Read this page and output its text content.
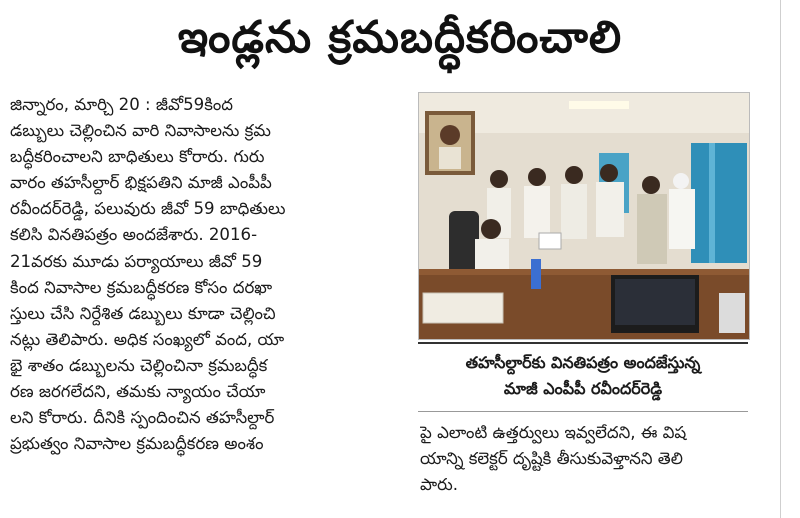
ఇండ్లను క్రమబద్ధీకరించాలి
జిన్నారం, మార్చి 20 : జీవో59కింద
డబ్బులు చెల్లించిన వారి నివాసాలను క్రమ
బద్ధీకరించాలని బాధితులు కోరారు. గురు
వారం తహసీల్దార్ భిక్షపతిని మాజీ ఎంపీపీ
రవీందర్‌రెడ్డి, పలువురు జీవో 59 బాధితులు
కలిసి వినతిపత్రం అందజేశారు. 2016-
21వరకు మూడు పర్యాయాలు జీవో 59
కింద నివాసాల క్రమబద్ధీకరణ కోసం దరఖా
స్తులు చేసి నిర్దేశిత డబ్బులు కూడా చెల్లించి
నట్లు తెలిపారు. అధిక సంఖ్యలో వంద, యా
భై శాతం డబ్బులను చెల్లించినా క్రమబద్ధీక
రణ జరగలేదని, తమకు న్యాయం చేయా
లని కోరారు. దీనికి స్పందించిన తహసీల్దార్
ప్రభుత్వం నివాసాల క్రమబద్ధీకరణ అంశం
తహసీల్దార్‌కు వినతిపత్రం అందజేస్తున్న
మాజీ ఎంపీపీ రవీందర్‌రెడ్డి
పై ఎలాంటి ఉత్తర్వులు ఇవ్వలేదని, ఈ విష
యాన్ని కలెక్టర్ దృష్టికి తీసుకువెళ్తానని తెలి
పారు.
